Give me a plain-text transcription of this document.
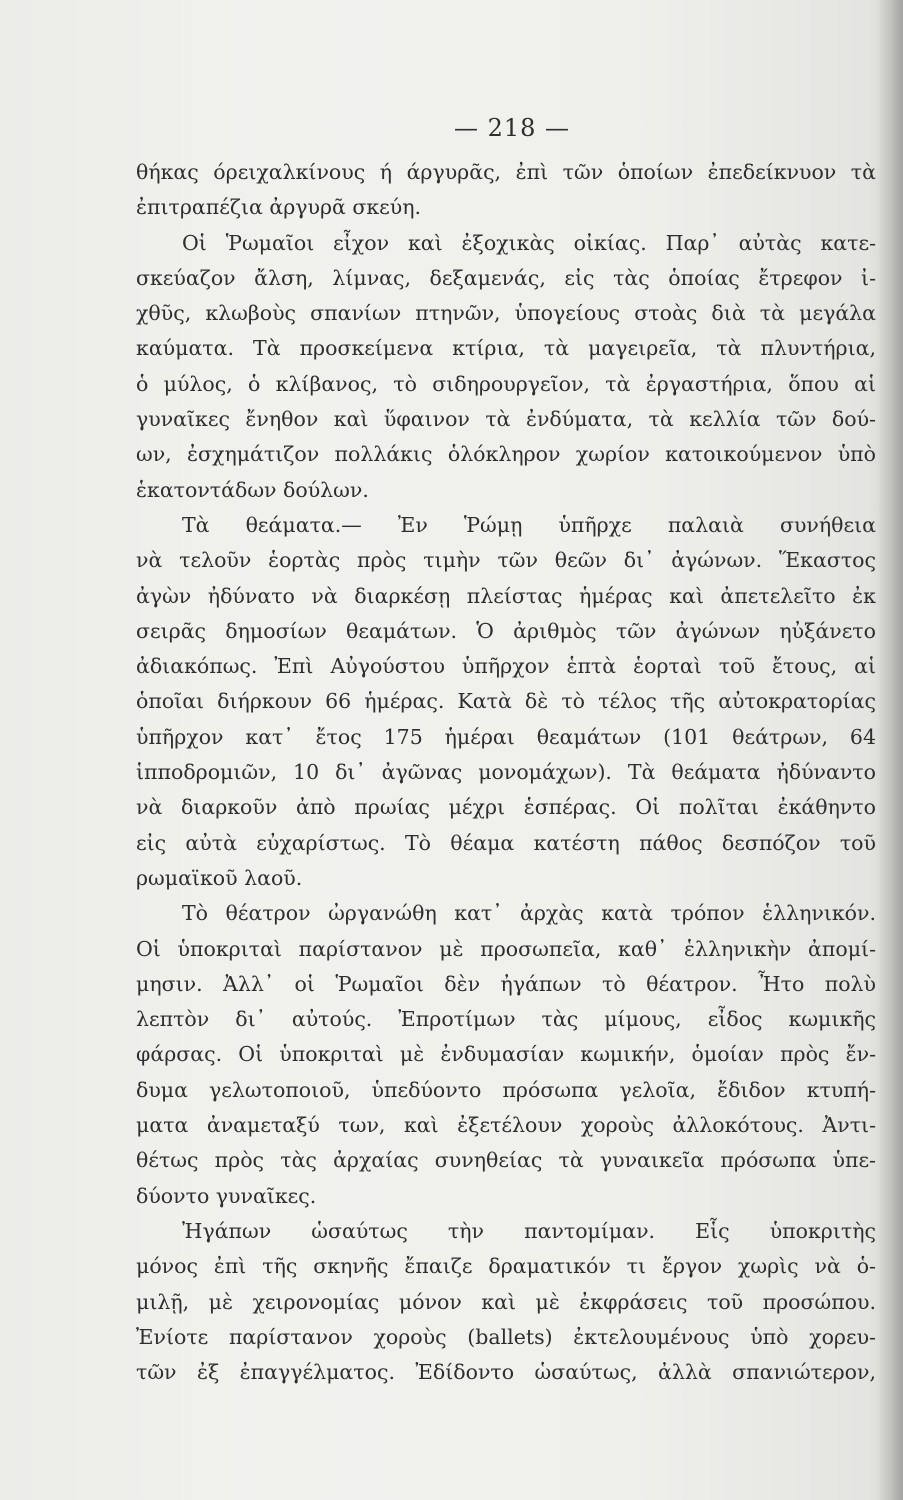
— 218 —
θήκας όρειχαλκίνους ή άργυρᾶς, ἐπὶ τῶν ὁποίων ἐπεδείκνυον τὰ
ἐπιτραπέζια ἀργυρᾶ σκεύη.
Οἱ Ῥωμαῖοι εἶχον καὶ ἐξοχικὰς οἰκίας. Παρ᾽ αὐτὰς κατε-
σκεύαζον ἄλση, λίμνας, δεξαμενάς, εἰς τὰς ὁποίας ἔτρεφον ἰ-
χθῦς, κλωβοὺς σπανίων πτηνῶν, ὑπογείους στοὰς διὰ τὰ μεγάλα
καύματα. Τὰ προσκείμενα κτίρια, τὰ μαγειρεῖα, τὰ πλυντήρια,
ὁ μύλος, ὁ κλίβανος, τὸ σιδηρουργεῖον, τὰ ἐργαστήρια, ὅπου αἱ
γυναῖκες ἔνηθον καὶ ὕφαινον τὰ ἐνδύματα, τὰ κελλία τῶν δού-
ων, ἐσχημάτιζον πολλάκις ὁλόκληρον χωρίον κατοικούμενον ὑπὸ
ἑκατοντάδων δούλων.
Τὰ θεάματα.— Ἐν Ῥώμῃ ὑπῆρχε παλαιὰ συνήθεια
νὰ τελοῦν ἑορτὰς πρὸς τιμὴν τῶν θεῶν δι᾽ ἀγώνων. Ἕκαστος
ἀγὼν ἠδύνατο νὰ διαρκέσῃ πλείστας ἡμέρας καὶ ἀπετελεῖτο ἐκ
σειρᾶς δημοσίων θεαμάτων. Ὁ ἀριθμὸς τῶν ἀγώνων ηὐξάνετο
ἀδιακόπως. Ἐπὶ Αὐγούστου ὑπῆρχον ἑπτὰ ἑορταὶ τοῦ ἔτους, αἱ
ὁποῖαι διήρκουν 66 ἡμέρας. Κατὰ δὲ τὸ τέλος τῆς αὐτοκρατορίας
ὑπῆρχον κατ᾽ ἔτος 175 ἡμέραι θεαμάτων (101 θεάτρων, 64
ἱπποδρομιῶν, 10 δι᾽ ἀγῶνας μονομάχων). Τὰ θεάματα ἠδύναντο
νὰ διαρκοῦν ἀπὸ πρωίας μέχρι ἑσπέρας. Οἱ πολῖται ἐκάθηντο
εἰς αὐτὰ εὐχαρίστως. Τὸ θέαμα κατέστη πάθος δεσπόζον τοῦ
ρωμαϊκοῦ λαοῦ.
Τὸ θέατρον ὠργανώθη κατ᾽ ἀρχὰς κατὰ τρόπον ἑλληνικόν.
Οἱ ὑποκριταὶ παρίστανον μὲ προσωπεῖα, καθ᾽ ἑλληνικὴν ἀπομί-
μησιν. Ἀλλ᾽ οἱ Ῥωμαῖοι δὲν ἠγάπων τὸ θέατρον. Ἦτο πολὺ
λεπτὸν δι᾽ αὐτούς. Ἐπροτίμων τὰς μίμους, εἶδος κωμικῆς
φάρσας. Οἱ ὑποκριταὶ μὲ ἐνδυμασίαν κωμικήν, ὁμοίαν πρὸς ἔν-
δυμα γελωτοποιοῦ, ὑπεδύοντο πρόσωπα γελοῖα, ἔδιδον κτυπή-
ματα ἀναμεταξύ των, καὶ ἐξετέλουν χοροὺς ἀλλοκότους. Ἀντι-
θέτως πρὸς τὰς ἀρχαίας συνηθείας τὰ γυναικεῖα πρόσωπα ὑπε-
δύοντο γυναῖκες.
Ἠγάπων ὡσαύτως τὴν παντομίμαν. Εἷς ὑποκριτὴς
μόνος ἐπὶ τῆς σκηνῆς ἔπαιζε δραματικόν τι ἔργον χωρὶς νὰ ὁ-
μιλῇ, μὲ χειρονομίας μόνον καὶ μὲ ἐκφράσεις τοῦ προσώπου.
Ἐνίοτε παρίστανον χοροὺς (ballets) ἐκτελουμένους ὑπὸ χορευ-
τῶν ἐξ ἐπαγγέλματος. Ἐδίδοντο ὡσαύτως, ἀλλὰ σπανιώτερον,
